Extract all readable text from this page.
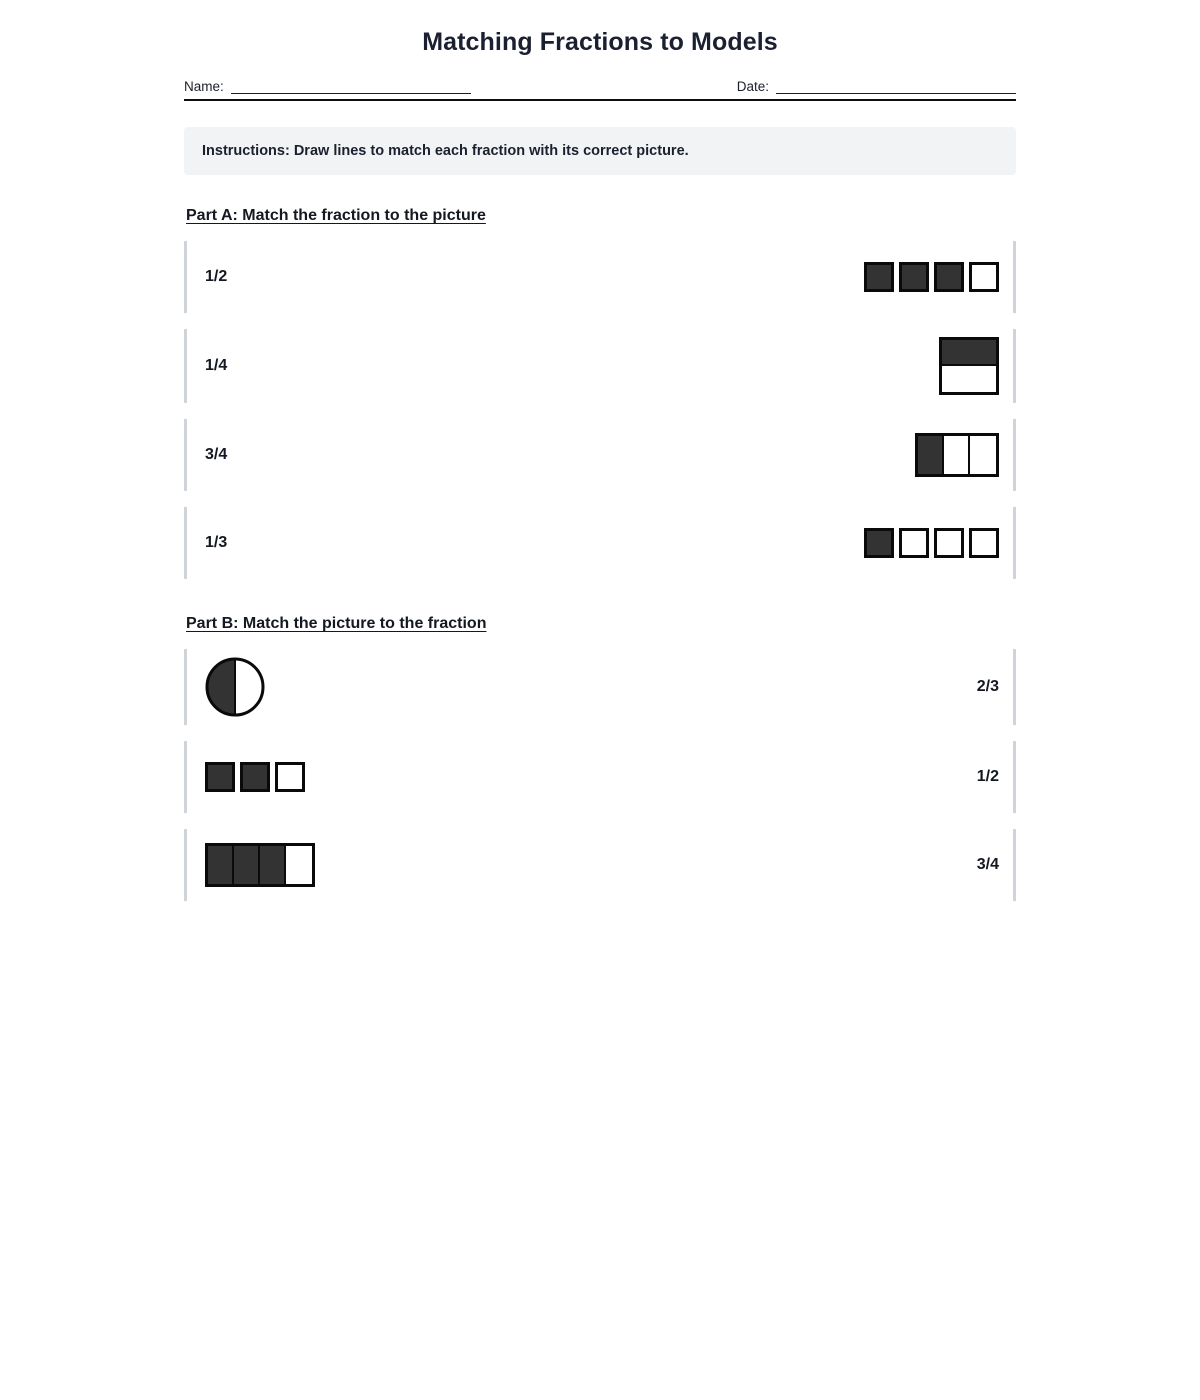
Matching Fractions to Models
Name:	Date:
Instructions: Draw lines to match each fraction with its correct picture.
Part A: Match the fraction to the picture
1/2
1/4
3/4
1/3
Part B: Match the picture to the fraction
2/3
1/2
3/4
